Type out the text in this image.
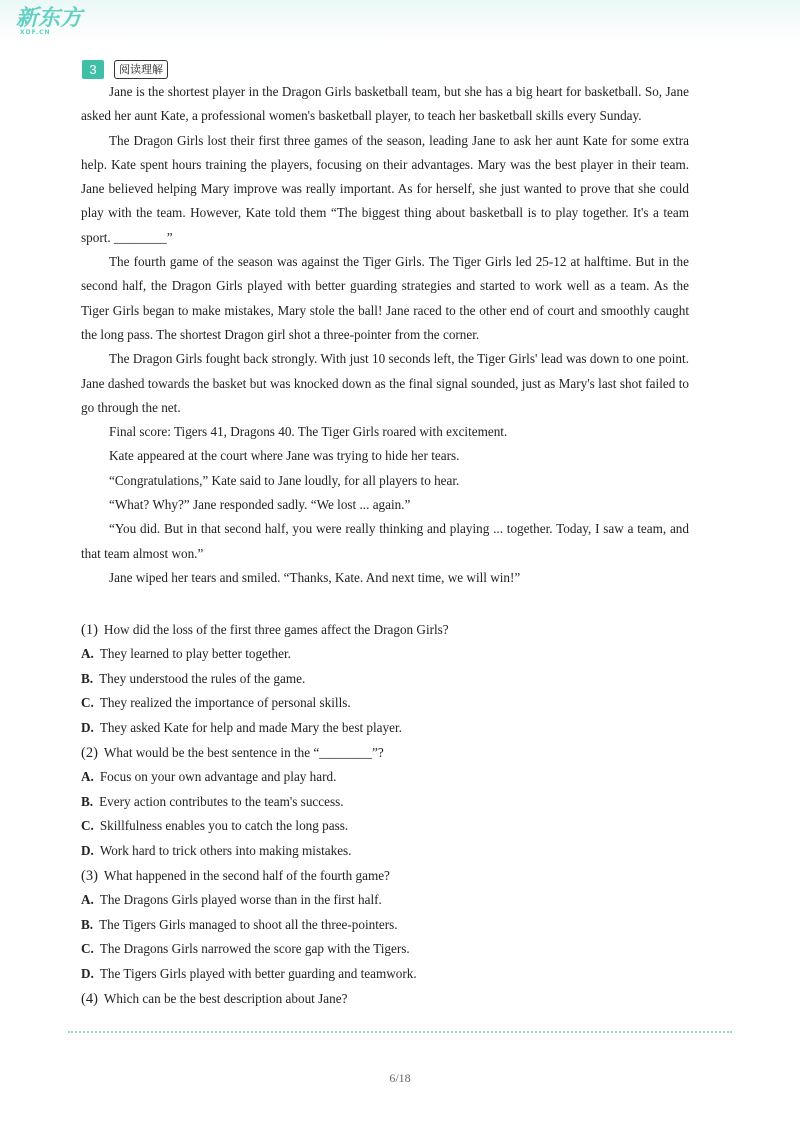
新东方
XDF.CN
3	阅读理解

Jane is the shortest player in the Dragon Girls basketball team, but she has a big heart for basketball. So, Jane asked her aunt Kate, a professional women's basketball player, to teach her basketball skills every Sunday.

The Dragon Girls lost their first three games of the season, leading Jane to ask her aunt Kate for some extra help. Kate spent hours training the players, focusing on their advantages. Mary was the best player in their team. Jane believed helping Mary improve was really important. As for herself, she just wanted to prove that she could play with the team. However, Kate told them “The biggest thing about basketball is to play together. It's a team sport. ________”

The fourth game of the season was against the Tiger Girls. The Tiger Girls led 25-12 at halftime. But in the second half, the Dragon Girls played with better guarding strategies and started to work well as a team. As the Tiger Girls began to make mistakes, Mary stole the ball! Jane raced to the other end of court and smoothly caught the long pass. The shortest Dragon girl shot a three-pointer from the corner.

The Dragon Girls fought back strongly. With just 10 seconds left, the Tiger Girls' lead was down to one point. Jane dashed towards the basket but was knocked down as the final signal sounded, just as Mary's last shot failed to go through the net.

Final score: Tigers 41, Dragons 40. The Tiger Girls roared with excitement.

Kate appeared at the court where Jane was trying to hide her tears.

“Congratulations,” Kate said to Jane loudly, for all players to hear.

“What? Why?” Jane responded sadly. “We lost ... again.”

“You did. But in that second half, you were really thinking and playing ... together. Today, I saw a team, and that team almost won.”

Jane wiped her tears and smiled. “Thanks, Kate. And next time, we will win!”

(1) How did the loss of the first three games affect the Dragon Girls?
A. They learned to play better together.
B. They understood the rules of the game.
C. They realized the importance of personal skills.
D. They asked Kate for help and made Mary the best player.
(2) What would be the best sentence in the “________”?
A. Focus on your own advantage and play hard.
B. Every action contributes to the team's success.
C. Skillfulness enables you to catch the long pass.
D. Work hard to trick others into making mistakes.
(3) What happened in the second half of the fourth game?
A. The Dragons Girls played worse than in the first half.
B. The Tigers Girls managed to shoot all the three-pointers.
C. The Dragons Girls narrowed the score gap with the Tigers.
D. The Tigers Girls played with better guarding and teamwork.
(4) Which can be the best description about Jane?
6/18
